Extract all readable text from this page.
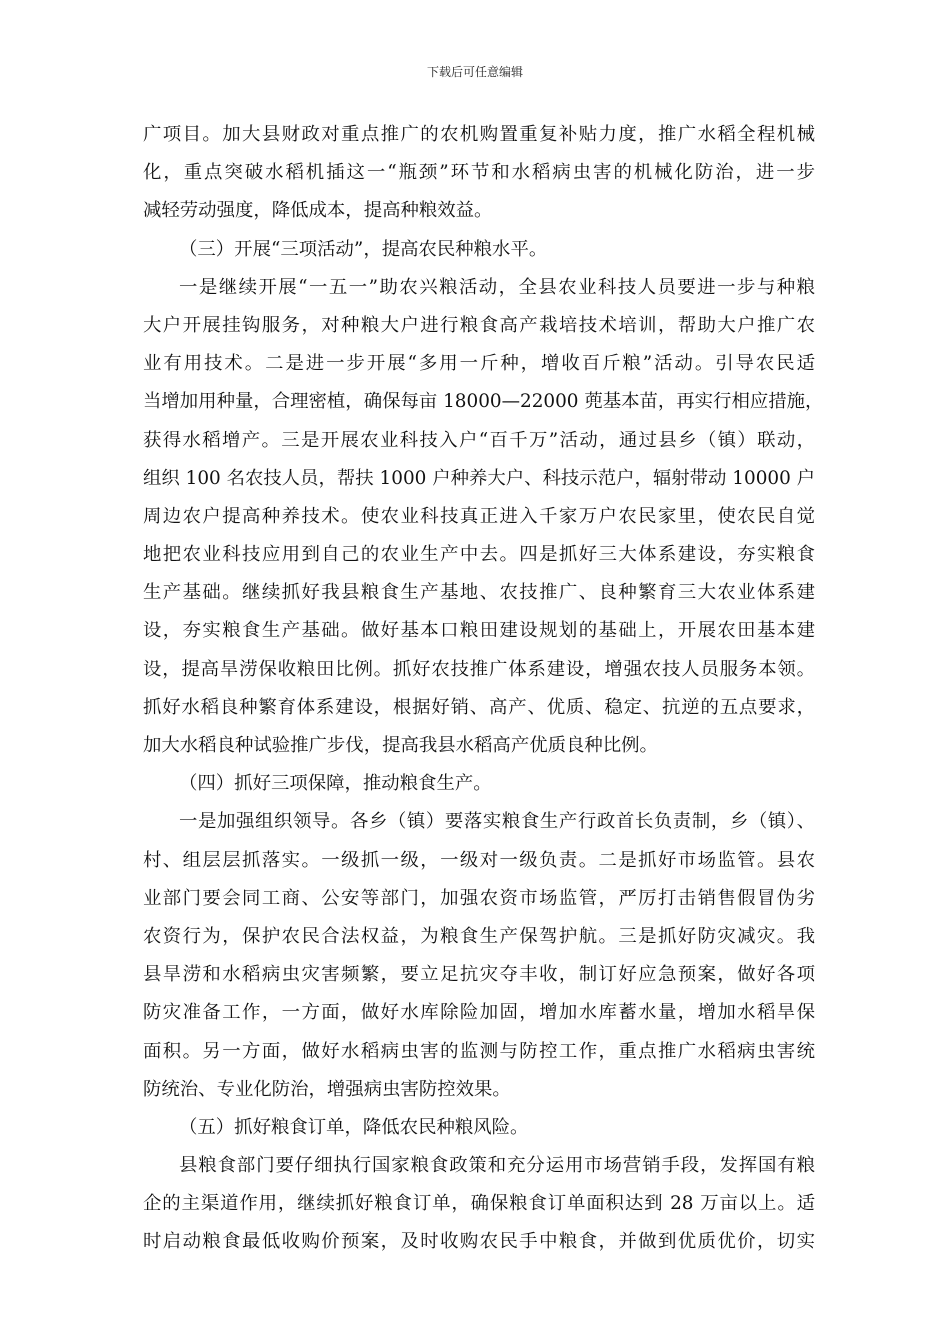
下载后可任意编辑
广项目。加大县财政对重点推广的农机购置重复补贴力度，推广水稻全程机械
化，重点突破水稻机插这一“瓶颈”环节和水稻病虫害的机械化防治，进一步
减轻劳动强度，降低成本，提高种粮效益。
（三）开展“三项活动”，提高农民种粮水平。
一是继续开展“一五一”助农兴粮活动，全县农业科技人员要进一步与种粮
大户开展挂钩服务，对种粮大户进行粮食高产栽培技术培训，帮助大户推广农
业有用技术。二是进一步开展“多用一斤种，增收百斤粮”活动。引导农民适
当增加用种量，合理密植，确保每亩 18000—22000 蔸基本苗，再实行相应措施，
获得水稻增产。三是开展农业科技入户“百千万”活动，通过县乡（镇）联动，
组织 100 名农技人员，帮扶 1000 户种养大户、科技示范户，辐射带动 10000 户
周边农户提高种养技术。使农业科技真正进入千家万户农民家里，使农民自觉
地把农业科技应用到自己的农业生产中去。四是抓好三大体系建设，夯实粮食
生产基础。继续抓好我县粮食生产基地、农技推广、良种繁育三大农业体系建
设，夯实粮食生产基础。做好基本口粮田建设规划的基础上，开展农田基本建
设，提高旱涝保收粮田比例。抓好农技推广体系建设，增强农技人员服务本领。
抓好水稻良种繁育体系建设，根据好销、高产、优质、稳定、抗逆的五点要求，
加大水稻良种试验推广步伐，提高我县水稻高产优质良种比例。
（四）抓好三项保障，推动粮食生产。
一是加强组织领导。各乡（镇）要落实粮食生产行政首长负责制，乡（镇）、
村、组层层抓落实。一级抓一级，一级对一级负责。二是抓好市场监管。县农
业部门要会同工商、公安等部门，加强农资市场监管，严厉打击销售假冒伪劣
农资行为，保护农民合法权益，为粮食生产保驾护航。三是抓好防灾减灾。我
县旱涝和水稻病虫灾害频繁，要立足抗灾夺丰收，制订好应急预案，做好各项
防灾准备工作，一方面，做好水库除险加固，增加水库蓄水量，增加水稻旱保
面积。另一方面，做好水稻病虫害的监测与防控工作，重点推广水稻病虫害统
防统治、专业化防治，增强病虫害防控效果。
（五）抓好粮食订单，降低农民种粮风险。
县粮食部门要仔细执行国家粮食政策和充分运用市场营销手段，发挥国有粮
企的主渠道作用，继续抓好粮食订单，确保粮食订单面积达到 28 万亩以上。适
时启动粮食最低收购价预案，及时收购农民手中粮食，并做到优质优价，切实
